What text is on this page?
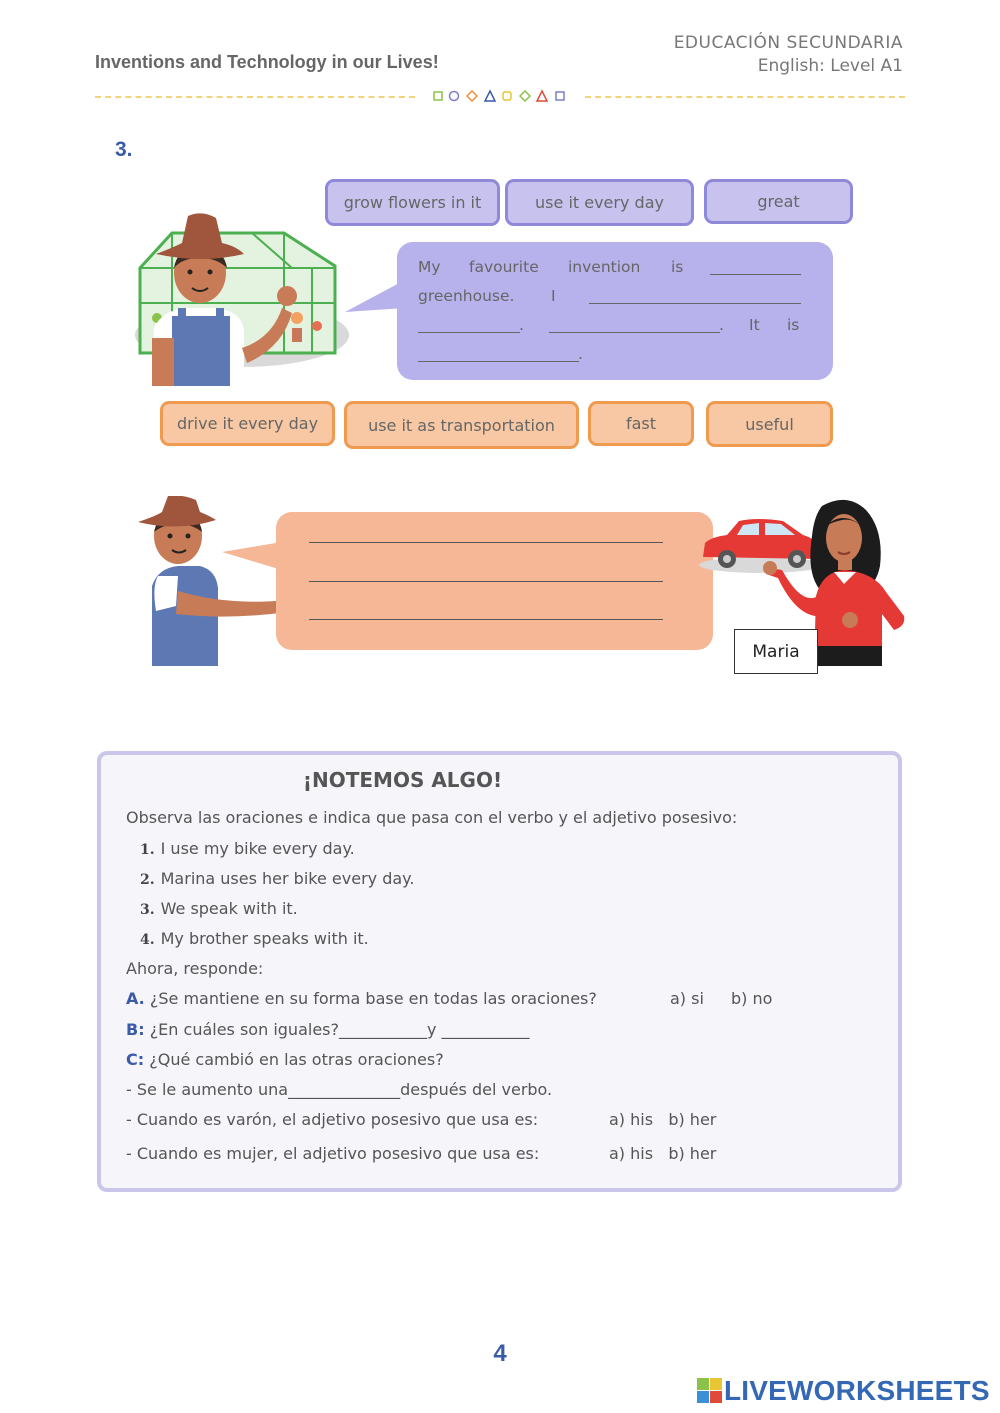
Inventions and Technology in our Lives!
EDUCACIÓN SECUNDARIA
English: Level A1
3.
grow flowers in it	use it every day	great
My favourite invention is
greenhouse. I
.	. It is
.
drive it every day	use it as transportation	fast	useful
Maria
¡NOTEMOS ALGO!
Observa las oraciones e indica que pasa con el verbo y el adjetivo posesivo:
1. I use my bike every day.
2. Marina uses her bike every day.
3. We speak with it.
4. My brother speaks with it.
Ahora, responde:
A. ¿Se mantiene en su forma base en todas las oraciones?	a) si b) no
B: ¿En cuáles son iguales?___________y ___________
C: ¿Qué cambió en las otras oraciones?
- Se le aumento una______________después del verbo.
- Cuando es varón, el adjetivo posesivo que usa es:	a) his   b) her
- Cuando es mujer, el adjetivo posesivo que usa es:	a) his   b) her
4
LIVEWORKSHEETS
